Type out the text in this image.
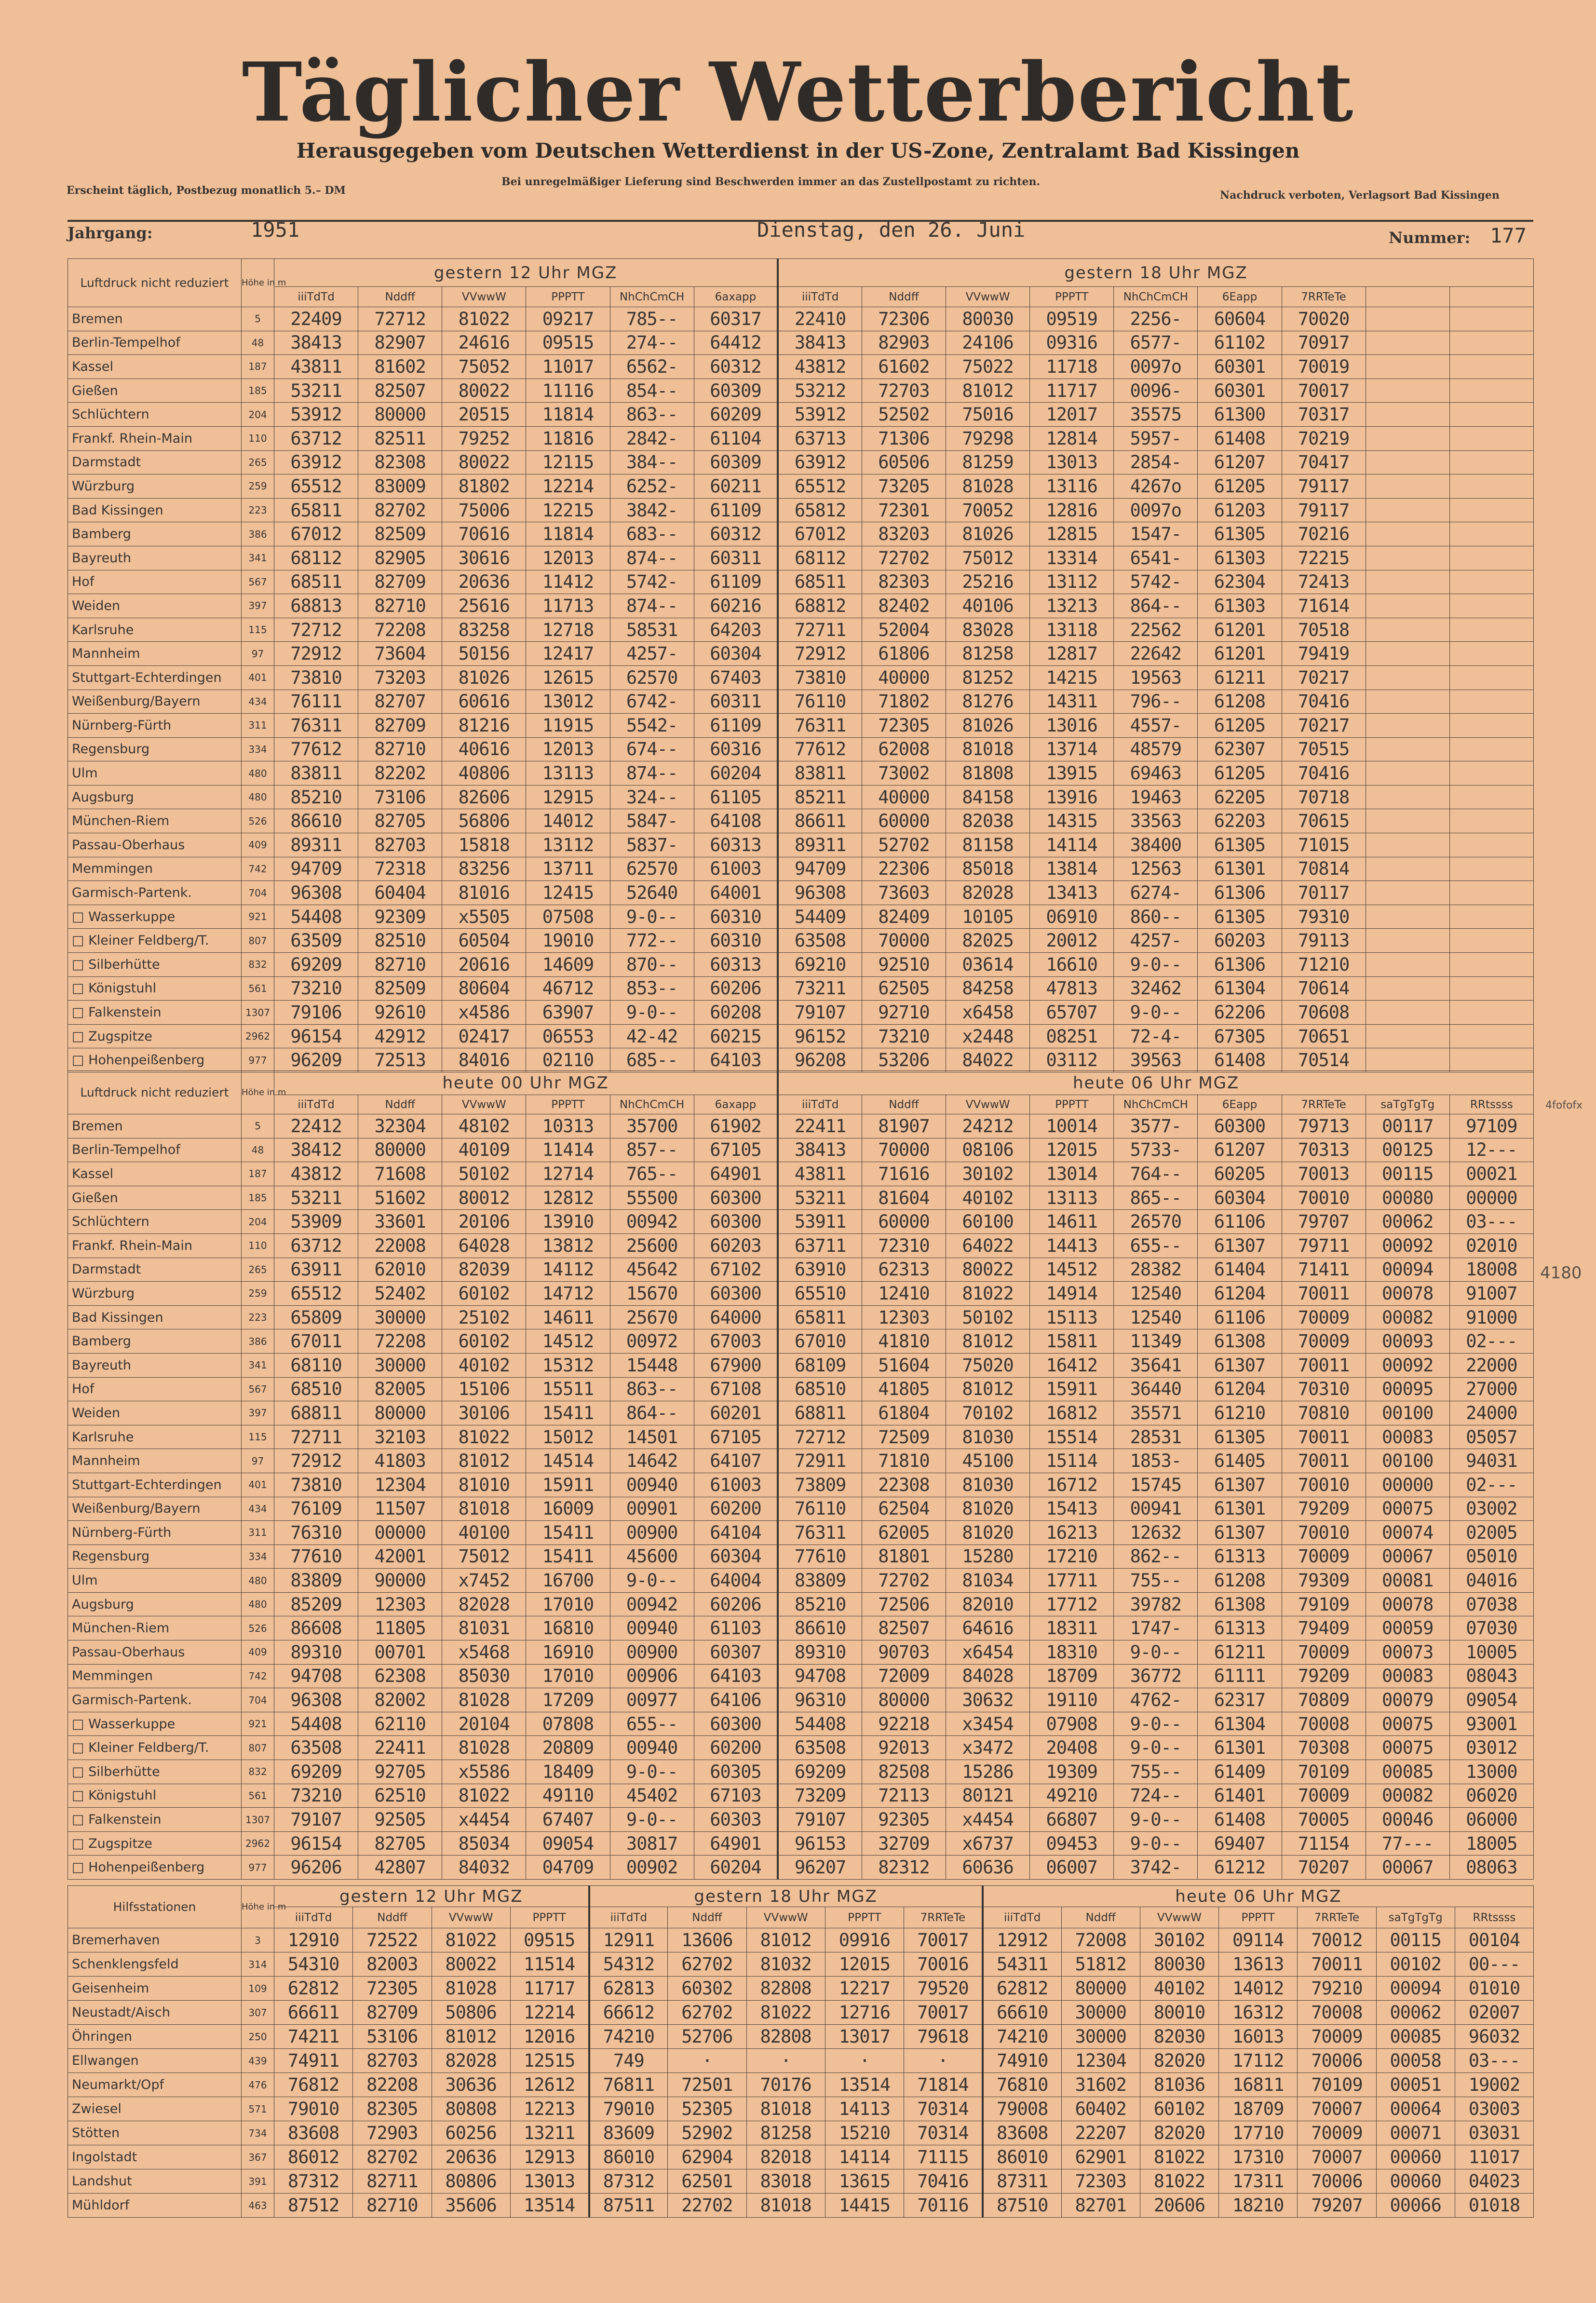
Täglicher Wetterbericht
Herausgegeben vom Deutschen Wetterdienst in der US-Zone, Zentralamt Bad Kissingen
Erscheint täglich, Postbezug monatlich 5.– DM
Bei unregelmäßiger Lieferung sind Beschwerden immer an das Zustellpostamt zu richten.
Nachdruck verboten, Verlagsort Bad Kissingen
Jahrgang:	1951	Dienstag, den 26. Juni	Nummer: 177
4fofofx
4180
Luftdruck nicht reduziert	Höhe in m	gestern 12 Uhr MGZ						gestern 18 Uhr MGZ								
		iiiTdTd	Nddff	VVwwW	PPPTT	NhChCmCH	6axapp	iiiTdTd	Nddff	VVwwW	PPPTT	NhChCmCH	6Eapp	7RRTeTe		
Bremen	5	22409	72712	81022	09217	785--	60317	22410	72306	80030	09519	2256-	60604	70020		
Berlin-Tempelhof	48	38413	82907	24616	09515	274--	64412	38413	82903	24106	09316	6577-	61102	70917		
Kassel	187	43811	81602	75052	11017	6562-	60312	43812	61602	75022	11718	0097o	60301	70019		
Gießen	185	53211	82507	80022	11116	854--	60309	53212	72703	81012	11717	0096-	60301	70017		
Schlüchtern	204	53912	80000	20515	11814	863--	60209	53912	52502	75016	12017	35575	61300	70317		
Frankf. Rhein-Main	110	63712	82511	79252	11816	2842-	61104	63713	71306	79298	12814	5957-	61408	70219		
Darmstadt	265	63912	82308	80022	12115	384--	60309	63912	60506	81259	13013	2854-	61207	70417		
Würzburg	259	65512	83009	81802	12214	6252-	60211	65512	73205	81028	13116	4267o	61205	79117		
Bad Kissingen	223	65811	82702	75006	12215	3842-	61109	65812	72301	70052	12816	0097o	61203	79117		
Bamberg	386	67012	82509	70616	11814	683--	60312	67012	83203	81026	12815	1547-	61305	70216		
Bayreuth	341	68112	82905	30616	12013	874--	60311	68112	72702	75012	13314	6541-	61303	72215		
Hof	567	68511	82709	20636	11412	5742-	61109	68511	82303	25216	13112	5742-	62304	72413		
Weiden	397	68813	82710	25616	11713	874--	60216	68812	82402	40106	13213	864--	61303	71614		
Karlsruhe	115	72712	72208	83258	12718	58531	64203	72711	52004	83028	13118	22562	61201	70518		
Mannheim	97	72912	73604	50156	12417	4257-	60304	72912	61806	81258	12817	22642	61201	79419		
Stuttgart-Echterdingen	401	73810	73203	81026	12615	62570	67403	73810	40000	81252	14215	19563	61211	70217		
Weißenburg/Bayern	434	76111	82707	60616	13012	6742-	60311	76110	71802	81276	14311	796--	61208	70416		
Nürnberg-Fürth	311	76311	82709	81216	11915	5542-	61109	76311	72305	81026	13016	4557-	61205	70217		
Regensburg	334	77612	82710	40616	12013	674--	60316	77612	62008	81018	13714	48579	62307	70515		
Ulm	480	83811	82202	40806	13113	874--	60204	83811	73002	81808	13915	69463	61205	70416		
Augsburg	480	85210	73106	82606	12915	324--	61105	85211	40000	84158	13916	19463	62205	70718		
München-Riem	526	86610	82705	56806	14012	5847-	64108	86611	60000	82038	14315	33563	62203	70615		
Passau-Oberhaus	409	89311	82703	15818	13112	5837-	60313	89311	52702	81158	14114	38400	61305	71015		
Memmingen	742	94709	72318	83256	13711	62570	61003	94709	22306	85018	13814	12563	61301	70814		
Garmisch-Partenk.	704	96308	60404	81016	12415	52640	64001	96308	73603	82028	13413	6274-	61306	70117		
□ Wasserkuppe	921	54408	92309	x5505	07508	9-0--	60310	54409	82409	10105	06910	860--	61305	79310		
□ Kleiner Feldberg/T.	807	63509	82510	60504	19010	772--	60310	63508	70000	82025	20012	4257-	60203	79113		
□ Silberhütte	832	69209	82710	20616	14609	870--	60313	69210	92510	03614	16610	9-0--	61306	71210		
□ Königstuhl	561	73210	82509	80604	46712	853--	60206	73211	62505	84258	47813	32462	61304	70614		
□ Falkenstein	1307	79106	92610	x4586	63907	9-0--	60208	79107	92710	x6458	65707	9-0--	62206	70608		
□ Zugspitze	2962	96154	42912	02417	06553	42-42	60215	96152	73210	x2448	08251	72-4-	67305	70651		
□ Hohenpeißenberg	977	96209	72513	84016	02110	685--	64103	96208	53206	84022	03112	39563	61408	70514		
Luftdruck nicht reduziert	Höhe in m	heute 00 Uhr MGZ						heute 06 Uhr MGZ								
		iiiTdTd	Nddff	VVwwW	PPPTT	NhChCmCH	6axapp	iiiTdTd	Nddff	VVwwW	PPPTT	NhChCmCH	6Eapp	7RRTeTe	saTgTgTg	RRtssss
Bremen	5	22412	32304	48102	10313	35700	61902	22411	81907	24212	10014	3577-	60300	79713	00117	97109
Berlin-Tempelhof	48	38412	80000	40109	11414	857--	67105	38413	70000	08106	12015	5733-	61207	70313	00125	12---
Kassel	187	43812	71608	50102	12714	765--	64901	43811	71616	30102	13014	764--	60205	70013	00115	00021
Gießen	185	53211	51602	80012	12812	55500	60300	53211	81604	40102	13113	865--	60304	70010	00080	00000
Schlüchtern	204	53909	33601	20106	13910	00942	60300	53911	60000	60100	14611	26570	61106	79707	00062	03---
Frankf. Rhein-Main	110	63712	22008	64028	13812	25600	60203	63711	72310	64022	14413	655--	61307	79711	00092	02010
Darmstadt	265	63911	62010	82039	14112	45642	67102	63910	62313	80022	14512	28382	61404	71411	00094	18008
Würzburg	259	65512	52402	60102	14712	15670	60300	65510	12410	81022	14914	12540	61204	70011	00078	91007
Bad Kissingen	223	65809	30000	25102	14611	25670	64000	65811	12303	50102	15113	12540	61106	70009	00082	91000
Bamberg	386	67011	72208	60102	14512	00972	67003	67010	41810	81012	15811	11349	61308	70009	00093	02---
Bayreuth	341	68110	30000	40102	15312	15448	67900	68109	51604	75020	16412	35641	61307	70011	00092	22000
Hof	567	68510	82005	15106	15511	863--	67108	68510	41805	81012	15911	36440	61204	70310	00095	27000
Weiden	397	68811	80000	30106	15411	864--	60201	68811	61804	70102	16812	35571	61210	70810	00100	24000
Karlsruhe	115	72711	32103	81022	15012	14501	67105	72712	72509	81030	15514	28531	61305	70011	00083	05057
Mannheim	97	72912	41803	81012	14514	14642	64107	72911	71810	45100	15114	1853-	61405	70011	00100	94031
Stuttgart-Echterdingen	401	73810	12304	81010	15911	00940	61003	73809	22308	81030	16712	15745	61307	70010	00000	02---
Weißenburg/Bayern	434	76109	11507	81018	16009	00901	60200	76110	62504	81020	15413	00941	61301	79209	00075	03002
Nürnberg-Fürth	311	76310	00000	40100	15411	00900	64104	76311	62005	81020	16213	12632	61307	70010	00074	02005
Regensburg	334	77610	42001	75012	15411	45600	60304	77610	81801	15280	17210	862--	61313	70009	00067	05010
Ulm	480	83809	90000	x7452	16700	9-0--	64004	83809	72702	81034	17711	755--	61208	79309	00081	04016
Augsburg	480	85209	12303	82028	17010	00942	60206	85210	72506	82010	17712	39782	61308	79109	00078	07038
München-Riem	526	86608	11805	81031	16810	00940	61103	86610	82507	64616	18311	1747-	61313	79409	00059	07030
Passau-Oberhaus	409	89310	00701	x5468	16910	00900	60307	89310	90703	x6454	18310	9-0--	61211	70009	00073	10005
Memmingen	742	94708	62308	85030	17010	00906	64103	94708	72009	84028	18709	36772	61111	79209	00083	08043
Garmisch-Partenk.	704	96308	82002	81028	17209	00977	64106	96310	80000	30632	19110	4762-	62317	70809	00079	09054
□ Wasserkuppe	921	54408	62110	20104	07808	655--	60300	54408	92218	x3454	07908	9-0--	61304	70008	00075	93001
□ Kleiner Feldberg/T.	807	63508	22411	81028	20809	00940	60200	63508	92013	x3472	20408	9-0--	61301	70308	00075	03012
□ Silberhütte	832	69209	92705	x5586	18409	9-0--	60305	69209	82508	15286	19309	755--	61409	70109	00085	13000
□ Königstuhl	561	73210	62510	81022	49110	45402	67103	73209	72113	80121	49210	724--	61401	70009	00082	06020
□ Falkenstein	1307	79107	92505	x4454	67407	9-0--	60303	79107	92305	x4454	66807	9-0--	61408	70005	00046	06000
□ Zugspitze	2962	96154	82705	85034	09054	30817	64901	96153	32709	x6737	09453	9-0--	69407	71154	77---	18005
□ Hohenpeißenberg	977	96206	42807	84032	04709	00902	60204	96207	82312	60636	06007	3742-	61212	70207	00067	08063
Hilfsstationen	Höhe in m	gestern 12 Uhr MGZ				gestern 18 Uhr MGZ					heute 06 Uhr MGZ						
		iiiTdTd	Nddff	VVwwW	PPPTT	iiiTdTd	Nddff	VVwwW	PPPTT	7RRTeTe	iiiTdTd	Nddff	VVwwW	PPPTT	7RRTeTe	saTgTgTg	RRtssss
Bremerhaven	3	12910	72522	81022	09515	12911	13606	81012	09916	70017	12912	72008	30102	09114	70012	00115	00104
Schenklengsfeld	314	54310	82003	80022	11514	54312	62702	81032	12015	70016	54311	51812	80030	13613	70011	00102	00---
Geisenheim	109	62812	72305	81028	11717	62813	60302	82808	12217	79520	62812	80000	40102	14012	79210	00094	01010
Neustadt/Aisch	307	66611	82709	50806	12214	66612	62702	81022	12716	70017	66610	30000	80010	16312	70008	00062	02007
Öhringen	250	74211	53106	81012	12016	74210	52706	82808	13017	79618	74210	30000	82030	16013	70009	00085	96032
Ellwangen	439	74911	82703	82028	12515	749	·	·	·	·	74910	12304	82020	17112	70006	00058	03---
Neumarkt/Opf	476	76812	82208	30636	12612	76811	72501	70176	13514	71814	76810	31602	81036	16811	70109	00051	19002
Zwiesel	571	79010	82305	80808	12213	79010	52305	81018	14113	70314	79008	60402	60102	18709	70007	00064	03003
Stötten	734	83608	72903	60256	13211	83609	52902	81258	15210	70314	83608	22207	82020	17710	70009	00071	03031
Ingolstadt	367	86012	82702	20636	12913	86010	62904	82018	14114	71115	86010	62901	81022	17310	70007	00060	11017
Landshut	391	87312	82711	80806	13013	87312	62501	83018	13615	70416	87311	72303	81022	17311	70006	00060	04023
Mühldorf	463	87512	82710	35606	13514	87511	22702	81018	14415	70116	87510	82701	20606	18210	79207	00066	01018
